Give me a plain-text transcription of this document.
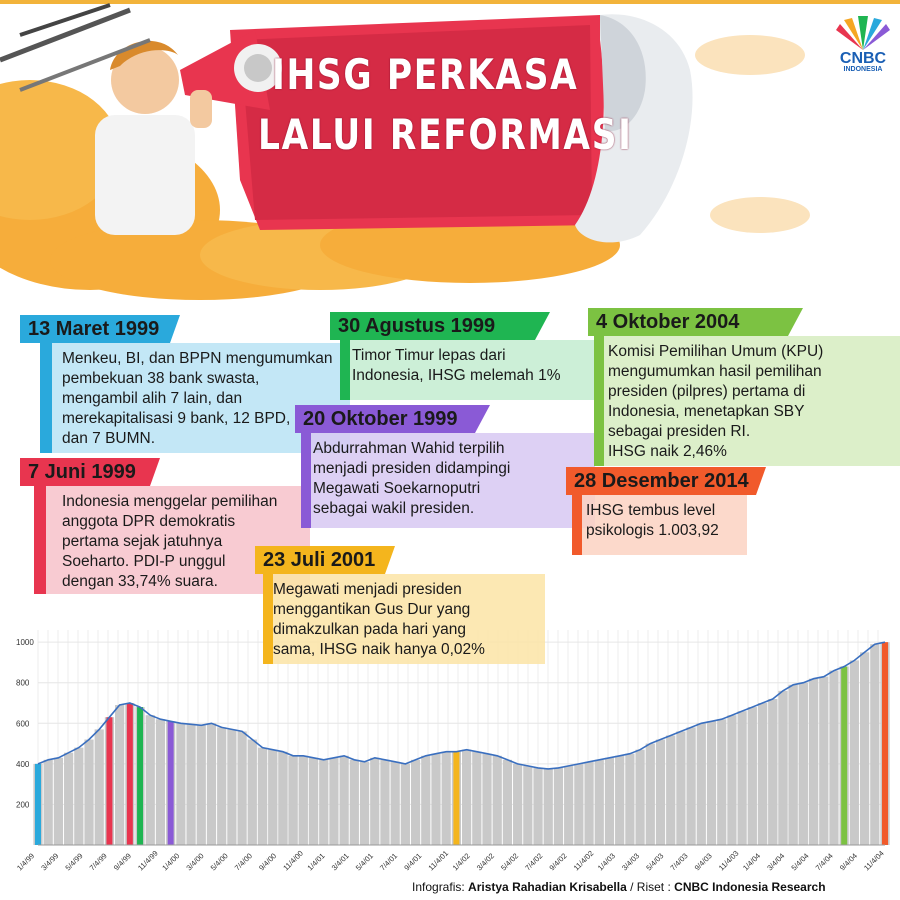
IHSG PERKASA
LALUI REFORMASI
CNBC
INDONESIA
200
400
600
800
1000
1/4/99 3/4/99 5/4/99 7/4/99 9/4/99 11/4/99 1/4/00 3/4/00 5/4/00 7/4/00 9/4/00 11/4/00 1/4/01 3/4/01 5/4/01 7/4/01 9/4/01 11/4/01 1/4/02 3/4/02 5/4/02 7/4/02 9/4/02 11/4/02 1/4/03 3/4/03 5/4/03 7/4/03 9/4/03 11/4/03 1/4/04 3/4/04 5/4/04 7/4/04 9/4/04 11/4/04
13 Maret 1999
Menkeu, BI, dan BPPN mengumumkan
pembekuan 38 bank swasta,
mengambil alih 7 lain, dan
merekapitalisasi 9 bank, 12 BPD,
dan 7 BUMN.
7 Juni 1999
Indonesia menggelar pemilihan
anggota DPR demokratis
pertama sejak jatuhnya
Soeharto. PDI-P unggul
dengan 33,74% suara.
30 Agustus 1999
Timor Timur lepas dari
Indonesia, IHSG melemah 1%
20 Oktober 1999
Abdurrahman Wahid terpilih
menjadi presiden didampingi
Megawati Soekarnoputri
sebagai wakil presiden.
23 Juli 2001
Megawati menjadi presiden
menggantikan Gus Dur yang
dimakzulkan pada hari yang
sama, IHSG naik hanya 0,02%
4 Oktober 2004
Komisi Pemilihan Umum (KPU)
mengumumkan hasil pemilihan
presiden (pilpres) pertama di
Indonesia, menetapkan SBY
sebagai presiden RI.
IHSG naik 2,46%
28 Desember 2014
IHSG tembus level
psikologis 1.003,92
Infografis: Aristya Rahadian Krisabella / Riset : CNBC Indonesia Research
